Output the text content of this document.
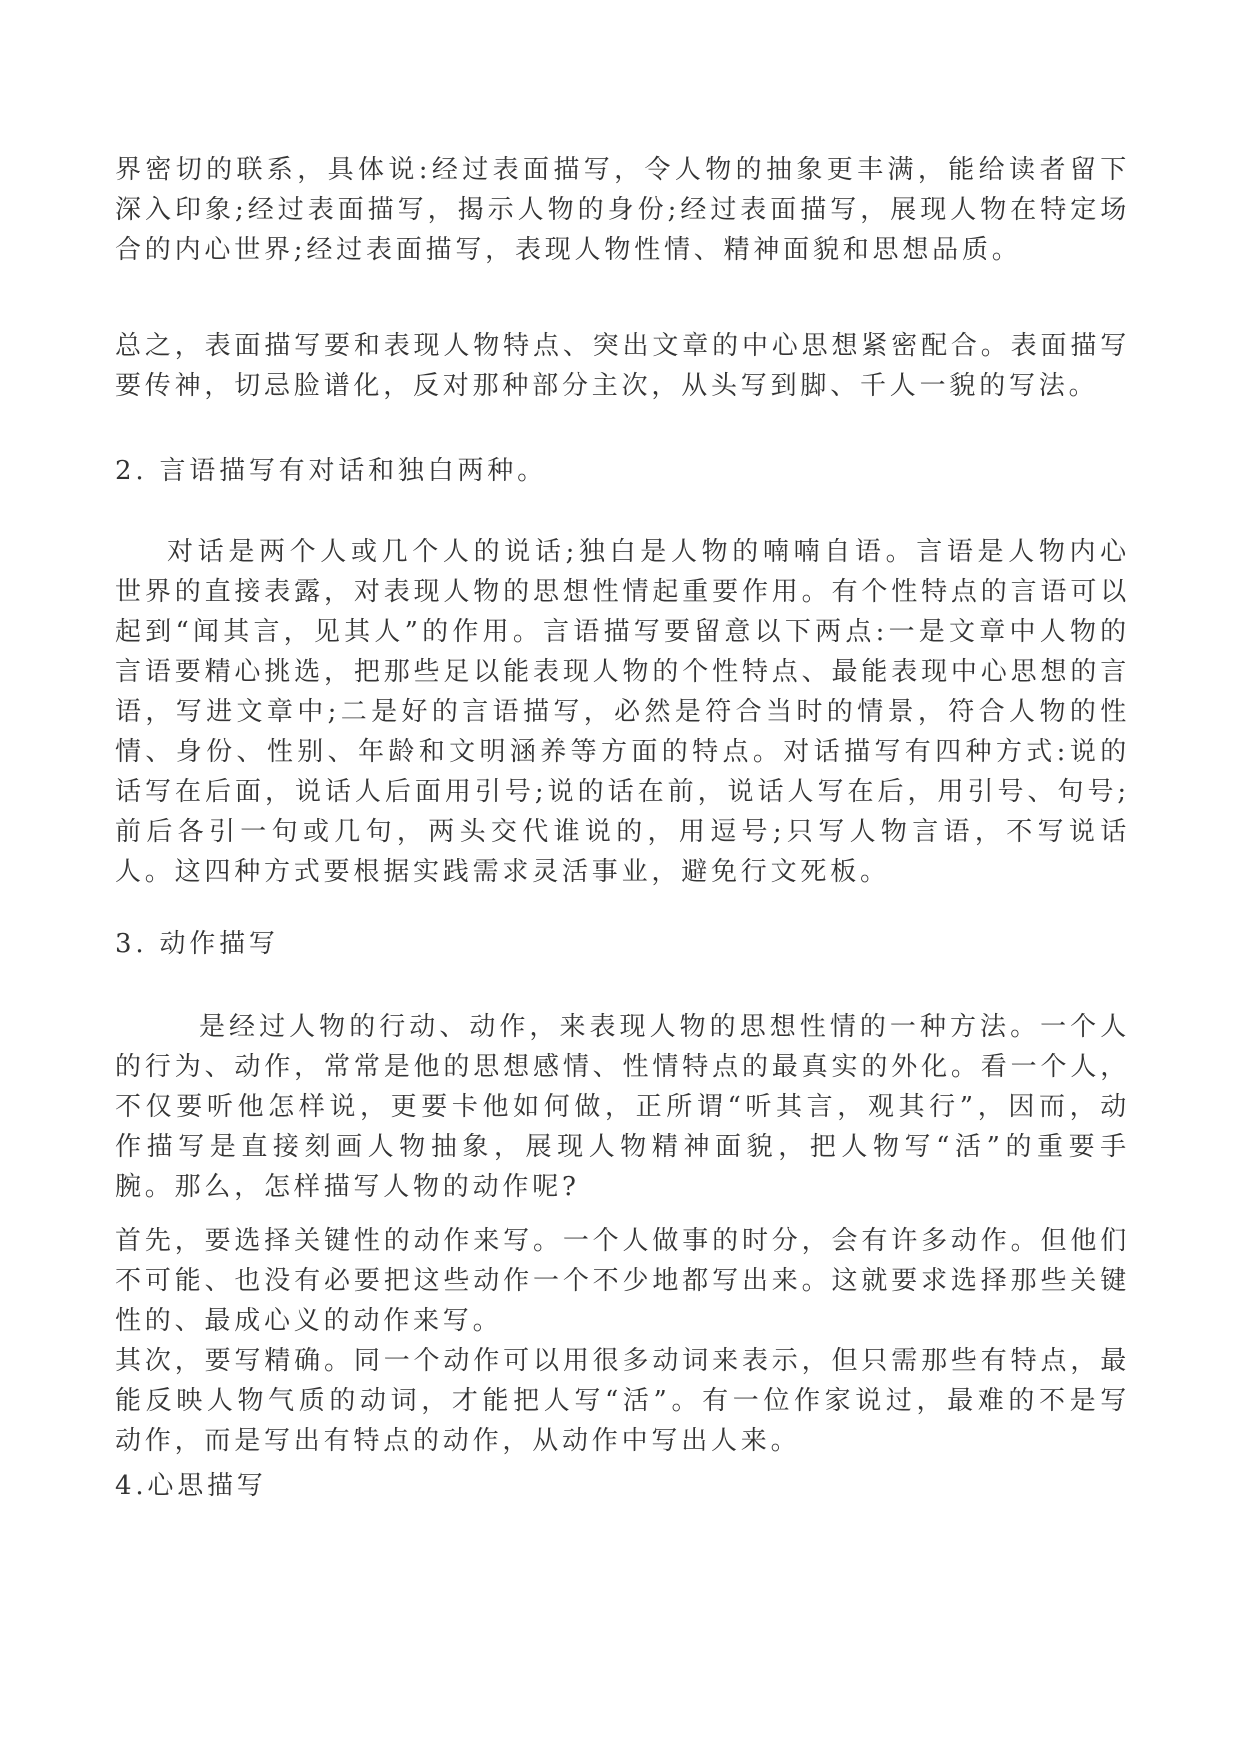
界密切的联系，具体说:经过表面描写，令人物的抽象更丰满，能给读者留下深入印象;经过表面描写，揭示人物的身份;经过表面描写，展现人物在特定场合的内心世界;经过表面描写，表现人物性情、精神面貌和思想品质。

总之，表面描写要和表现人物特点、突出文章的中心思想紧密配合。表面描写要传神，切忌脸谱化，反对那种部分主次，从头写到脚、千人一貌的写法。

2. 言语描写有对话和独白两种。

对话是两个人或几个人的说话;独白是人物的喃喃自语。言语是人物内心世界的直接表露，对表现人物的思想性情起重要作用。有个性特点的言语可以起到“闻其言，见其人”的作用。言语描写要留意以下两点:一是文章中人物的言语要精心挑选，把那些足以能表现人物的个性特点、最能表现中心思想的言语，写进文章中;二是好的言语描写，必然是符合当时的情景，符合人物的性情、身份、性别、年龄和文明涵养等方面的特点。对话描写有四种方式:说的话写在后面，说话人后面用引号;说的话在前，说话人写在后，用引号、句号;前后各引一句或几句，两头交代谁说的，用逗号;只写人物言语，不写说话人。这四种方式要根据实践需求灵活事业，避免行文死板。

3. 动作描写

是经过人物的行动、动作，来表现人物的思想性情的一种方法。一个人的行为、动作，常常是他的思想感情、性情特点的最真实的外化。看一个人，不仅要听他怎样说，更要卡他如何做，正所谓“听其言，观其行”，因而，动作描写是直接刻画人物抽象，展现人物精神面貌，把人物写“活”的重要手腕。那么，怎样描写人物的动作呢?

首先，要选择关键性的动作来写。一个人做事的时分，会有许多动作。但他们不可能、也没有必要把这些动作一个不少地都写出来。这就要求选择那些关键性的、最成心义的动作来写。

其次，要写精确。同一个动作可以用很多动词来表示，但只需那些有特点，最能反映人物气质的动词，才能把人写“活”。有一位作家说过，最难的不是写动作，而是写出有特点的动作，从动作中写出人来。

4.心思描写
